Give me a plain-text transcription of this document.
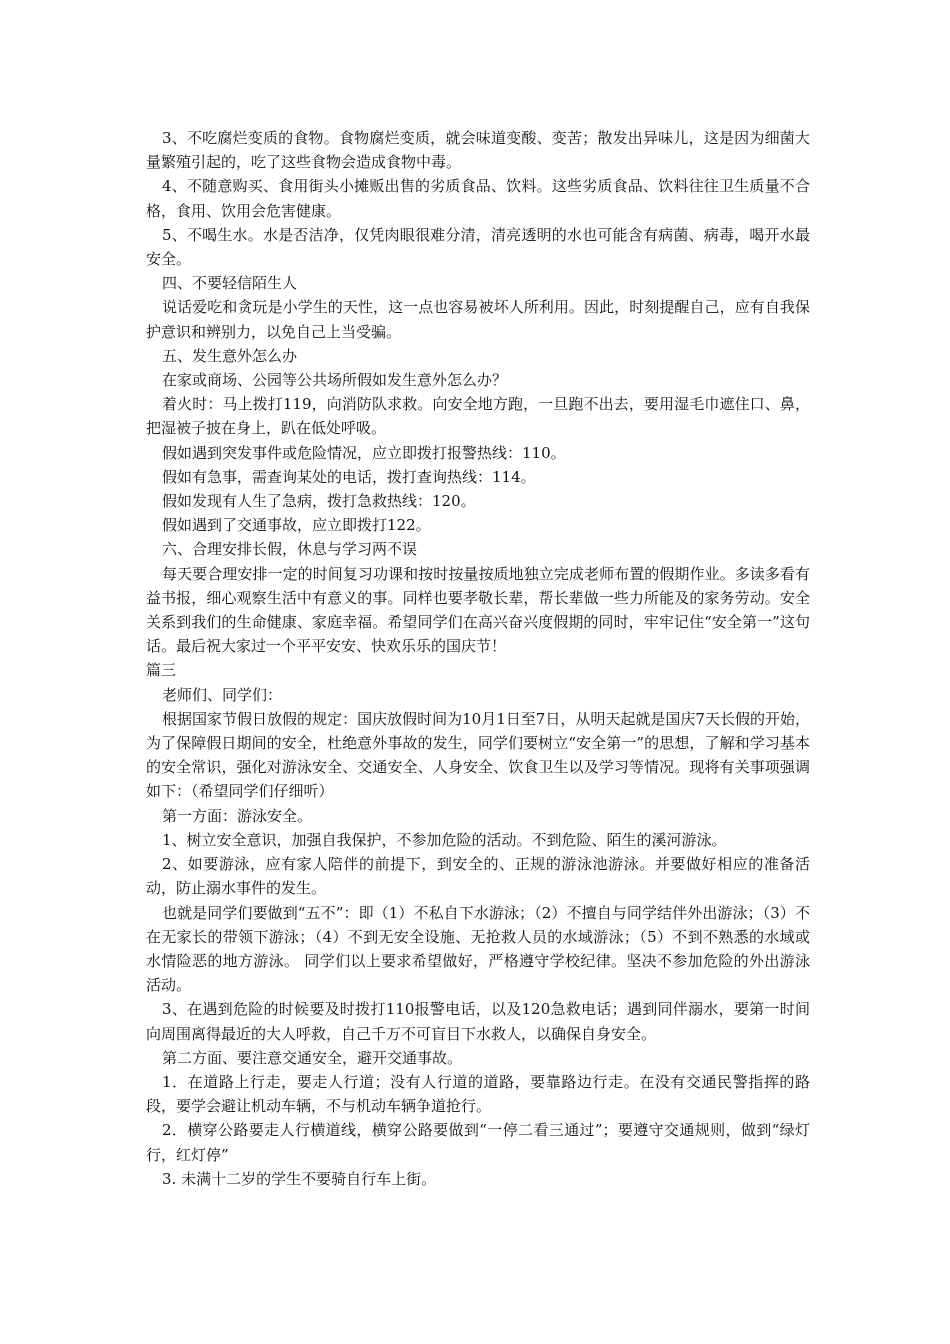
3、不吃腐烂变质的食物。食物腐烂变质，就会味道变酸、变苦；散发出异味儿，这是因为细菌大量繁殖引起的，吃了这些食物会造成食物中毒。

4、不随意购买、食用街头小摊贩出售的劣质食品、饮料。这些劣质食品、饮料往往卫生质量不合格，食用、饮用会危害健康。

5、不喝生水。水是否洁净，仅凭肉眼很难分清，清亮透明的水也可能含有病菌、病毒，喝开水最安全。

四、不要轻信陌生人

说话爱吃和贪玩是小学生的天性，这一点也容易被坏人所利用。因此，时刻提醒自己，应有自我保护意识和辨别力，以免自己上当受骗。

五、发生意外怎么办

在家或商场、公园等公共场所假如发生意外怎么办？

着火时：马上拨打119，向消防队求救。向安全地方跑，一旦跑不出去，要用湿毛巾遮住口、鼻，把湿被子披在身上，趴在低处呼吸。

假如遇到突发事件或危险情况，应立即拨打报警热线：110。

假如有急事，需查询某处的电话，拨打查询热线：114。

假如发现有人生了急病，拨打急救热线：120。

假如遇到了交通事故，应立即拨打122。

六、合理安排长假，休息与学习两不误

每天要合理安排一定的时间复习功课和按时按量按质地独立完成老师布置的假期作业。多读多看有益书报，细心观察生活中有意义的事。同样也要孝敬长辈，帮长辈做一些力所能及的家务劳动。安全关系到我们的生命健康、家庭幸福。希望同学们在高兴奋兴度假期的同时，牢牢记住“安全第一”这句话。最后祝大家过一个平平安安、快欢乐乐的国庆节！

篇三

老师们、同学们：

根据国家节假日放假的规定：国庆放假时间为10月1日至7日，从明天起就是国庆7天长假的开始，为了保障假日期间的安全，杜绝意外事故的发生，同学们要树立“安全第一”的思想，了解和学习基本的安全常识，强化对游泳安全、交通安全、人身安全、饮食卫生以及学习等情况。现将有关事项强调如下：（希望同学们仔细听）

第一方面：游泳安全。

1、树立安全意识，加强自我保护，不参加危险的活动。不到危险、陌生的溪河游泳。

2、如要游泳，应有家人陪伴的前提下，到安全的、正规的游泳池游泳。并要做好相应的准备活动，防止溺水事件的发生。

也就是同学们要做到“五不”：即（1）不私自下水游泳；（2）不擅自与同学结伴外出游泳；（3）不在无家长的带领下游泳；（4）不到无安全设施、无抢救人员的水域游泳；（5）不到不熟悉的水域或水情险恶的地方游泳。 同学们以上要求希望做好，严格遵守学校纪律。坚决不参加危险的外出游泳活动。

3、在遇到危险的时候要及时拨打110报警电话，以及120急救电话；遇到同伴溺水，要第一时间向周围离得最近的大人呼救，自己千万不可盲目下水救人，以确保自身安全。

第二方面、要注意交通安全，避开交通事故。

1．在道路上行走，要走人行道；没有人行道的道路，要靠路边行走。在没有交通民警指挥的路段，要学会避让机动车辆，不与机动车辆争道抢行。

2．横穿公路要走人行横道线，横穿公路要做到“一停二看三通过”；要遵守交通规则，做到“绿灯行，红灯停”

3. 未满十二岁的学生不要骑自行车上街。
